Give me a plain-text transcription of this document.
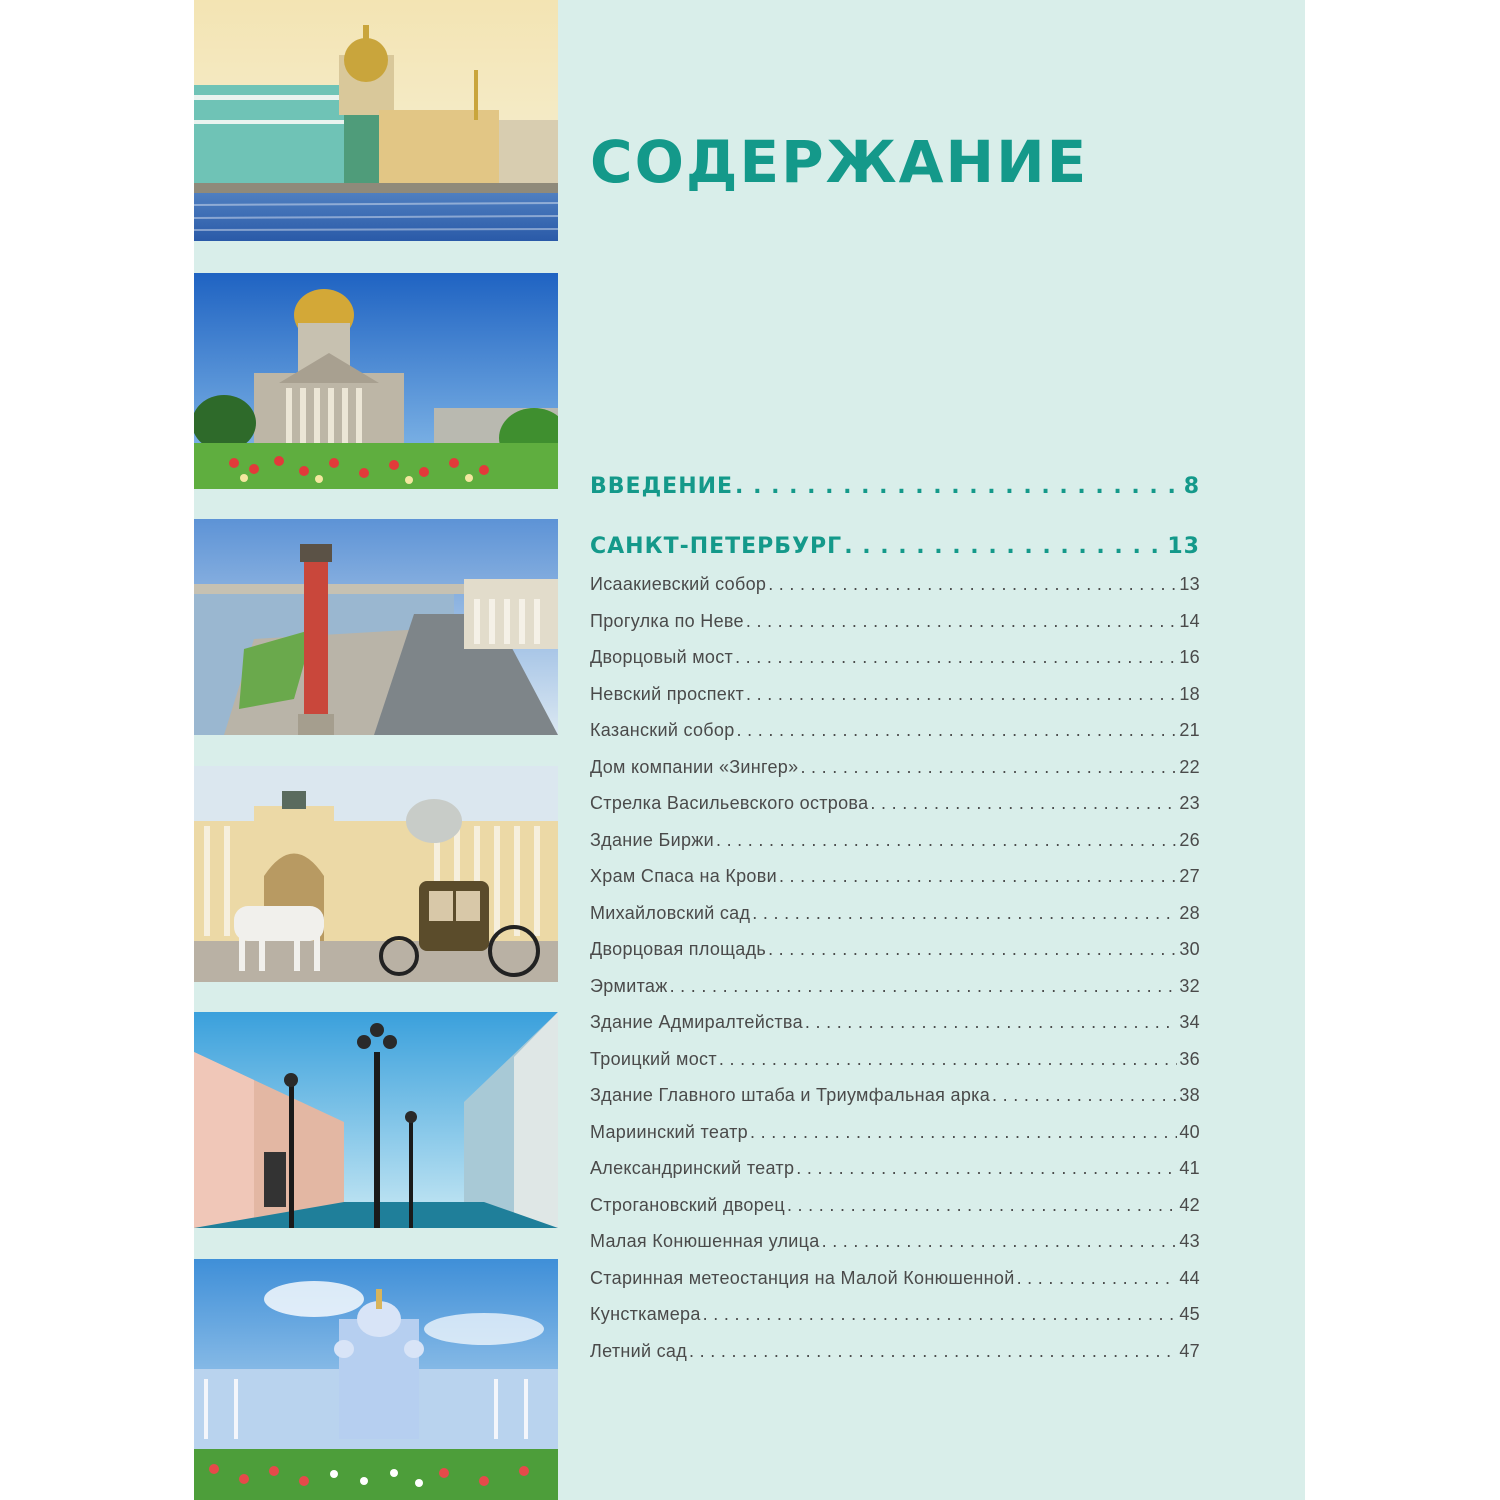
СОДЕРЖАНИЕ
ВВЕДЕНИЕ . . .	8
САНКТ-ПЕТЕРБУРГ . . .	13
Исаакиевский собор . . .	13
Прогулка по Неве . . .	14
Дворцовый мост . . .	16
Невский проспект . . .	18
Казанский собор . . .	21
Дом компании «Зингер» . . .	22
Стрелка Васильевского острова . . .	23
Здание Биржи . . .	26
Храм Спаса на Крови . . .	27
Михайловский сад . . .	28
Дворцовая площадь . . .	30
Эрмитаж . . .	32
Здание Адмиралтейства . . .	34
Троицкий мост . . .	36
Здание Главного штаба и Триумфальная арка . . .	38
Мариинский театр . . .	40
Александринский театр . . .	41
Строгановский дворец . . .	42
Малая Конюшенная улица . . .	43
Старинная метеостанция на Малой Конюшенной . . .	44
Кунсткамера . . .	45
Летний сад . . .	47
